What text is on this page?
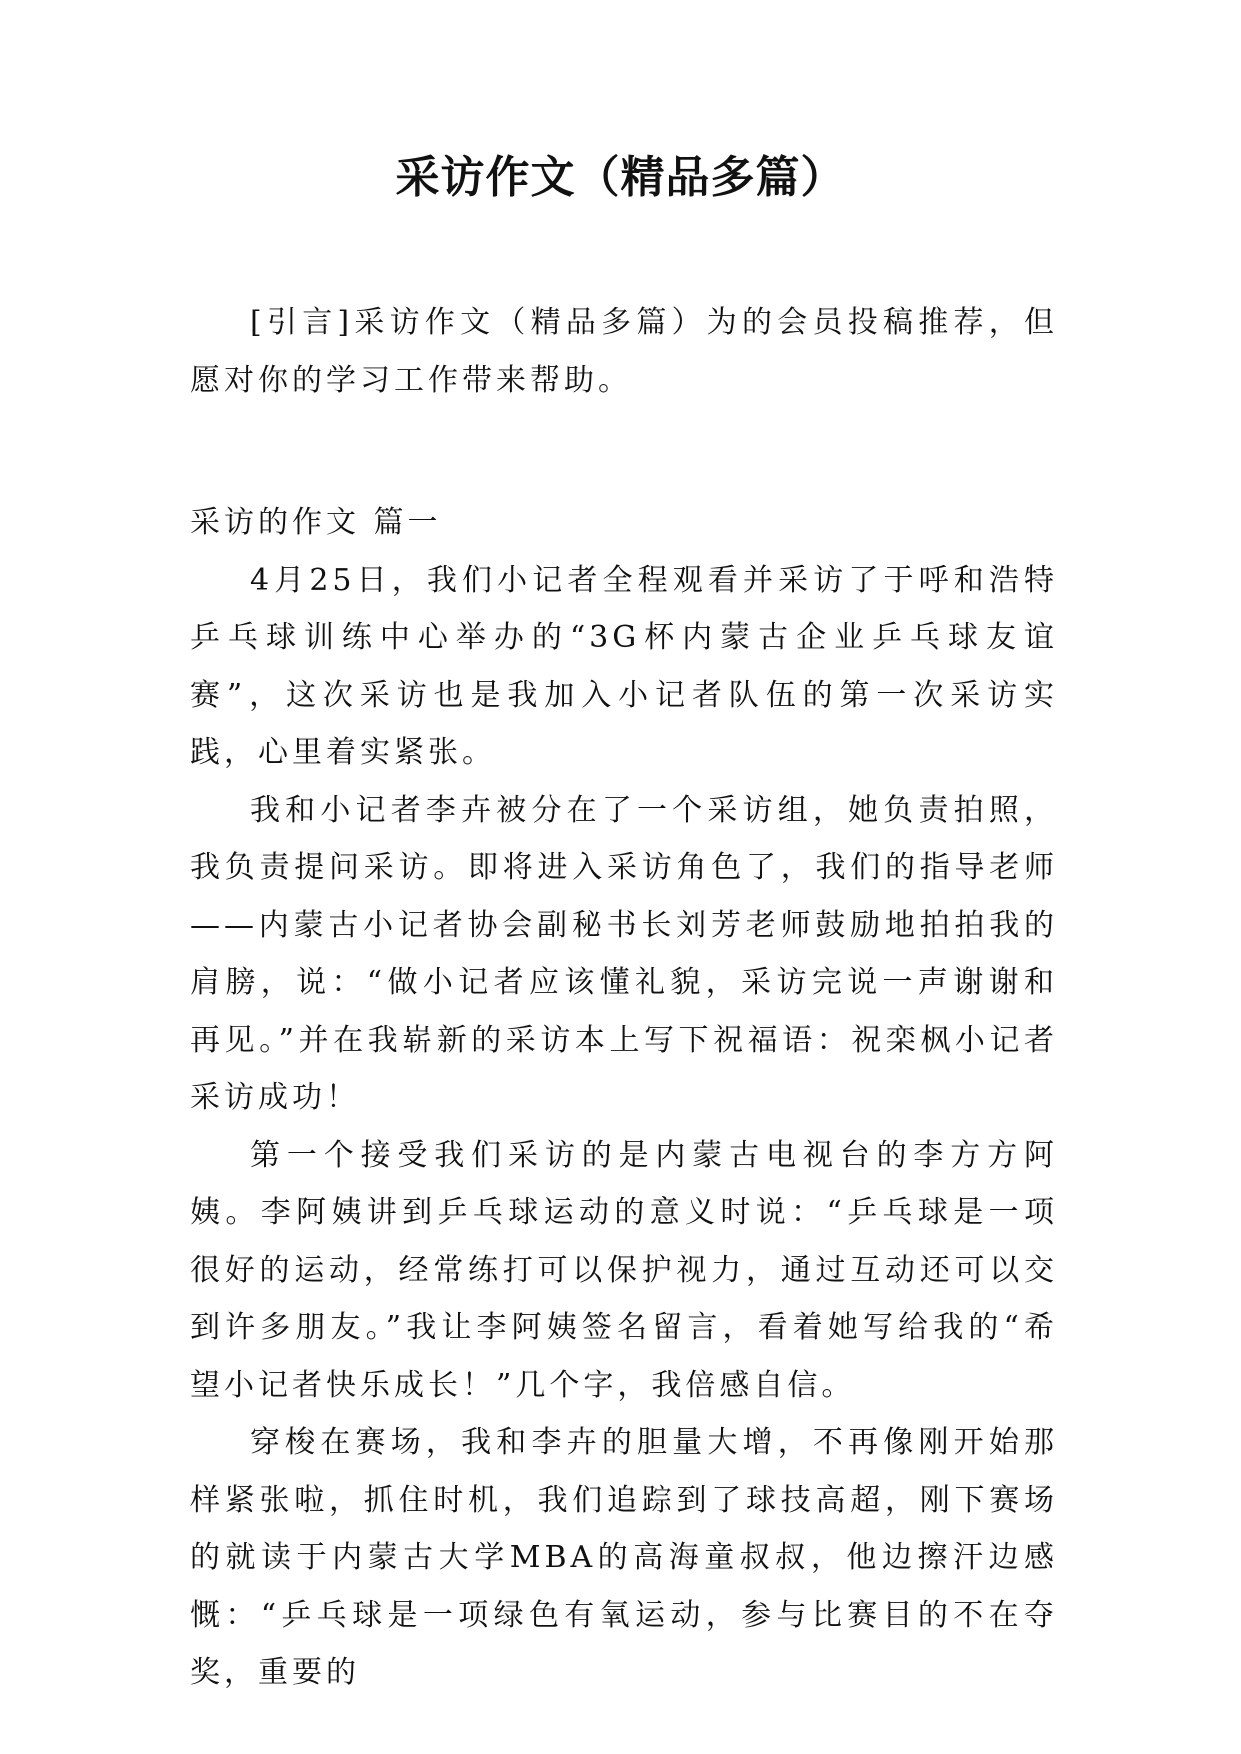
采访作文（精品多篇）

[引言]采访作文（精品多篇）为的会员投稿推荐，但愿对你的学习工作带来帮助。

采访的作文 篇一

4月25日，我们小记者全程观看并采访了于呼和浩特乒乓球训练中心举办的“3G杯内蒙古企业乒乓球友谊赛”，这次采访也是我加入小记者队伍的第一次采访实践，心里着实紧张。

我和小记者李卉被分在了一个采访组，她负责拍照，我负责提问采访。即将进入采访角色了，我们的指导老师——内蒙古小记者协会副秘书长刘芳老师鼓励地拍拍我的肩膀，说：“做小记者应该懂礼貌，采访完说一声谢谢和再见。”并在我崭新的采访本上写下祝福语：祝栾枫小记者采访成功！

第一个接受我们采访的是内蒙古电视台的李方方阿姨。李阿姨讲到乒乓球运动的意义时说：“乒乓球是一项很好的运动，经常练打可以保护视力，通过互动还可以交到许多朋友。”我让李阿姨签名留言，看着她写给我的“希望小记者快乐成长！”几个字，我倍感自信。

穿梭在赛场，我和李卉的胆量大增，不再像刚开始那样紧张啦，抓住时机，我们追踪到了球技高超，刚下赛场的就读于内蒙古大学MBA的高海童叔叔，他边擦汗边感慨：“乒乓球是一项绿色有氧运动，参与比赛目的不在夺奖，重要的
